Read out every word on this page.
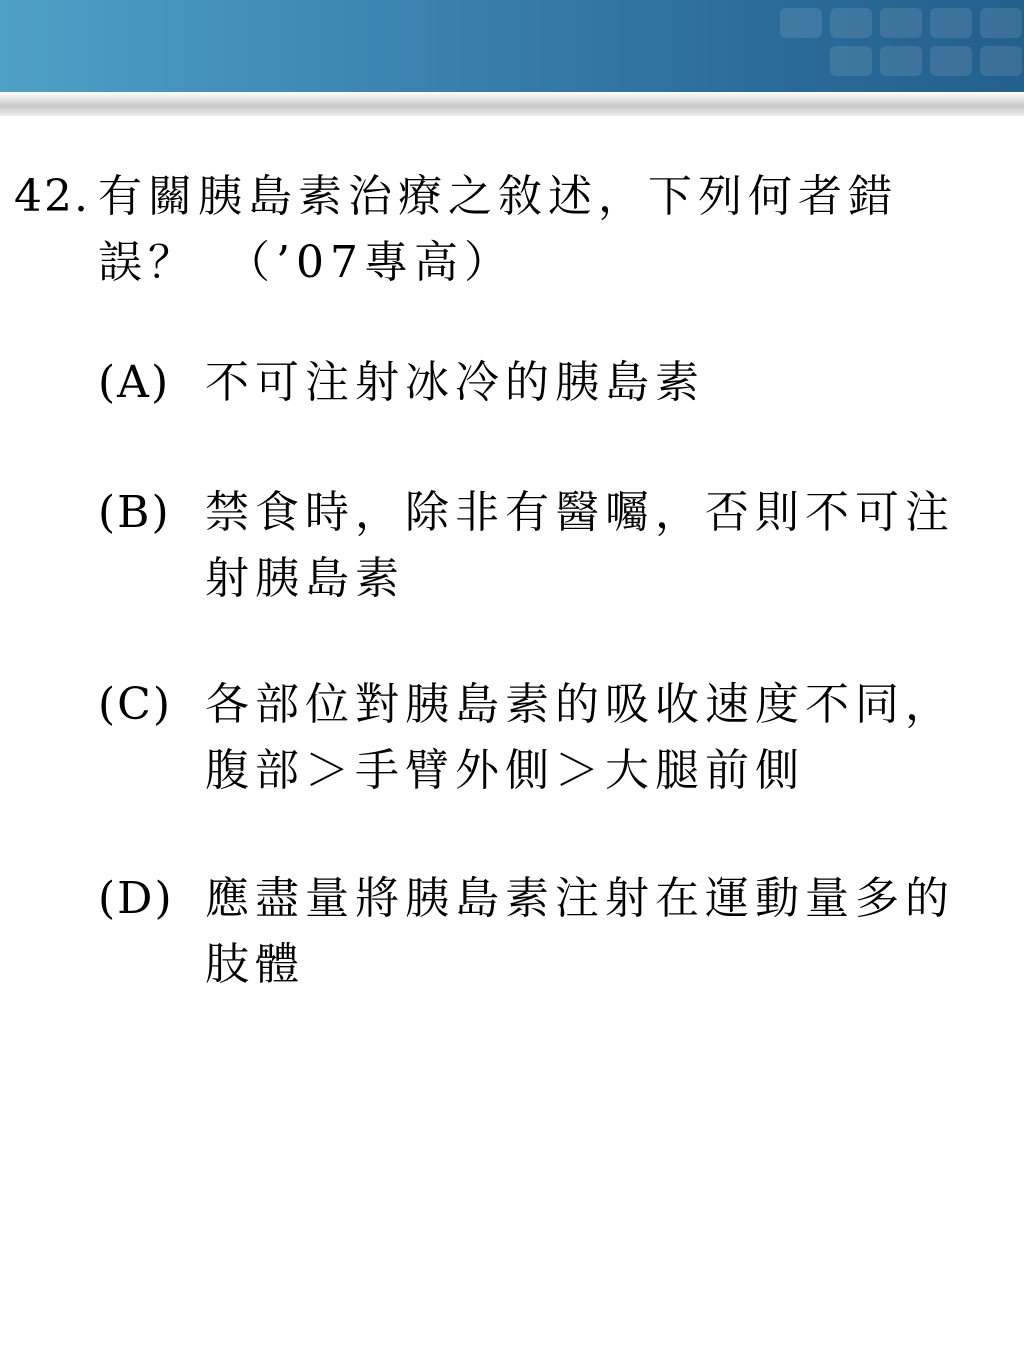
42. 有關胰島素治療之敘述，下列何者錯
誤？　（’07專高）
(A) 不可注射冰冷的胰島素
(B) 禁食時，除非有醫囑，否則不可注
射胰島素
(C) 各部位對胰島素的吸收速度不同，
腹部＞手臂外側＞大腿前側
(D) 應盡量將胰島素注射在運動量多的
肢體
